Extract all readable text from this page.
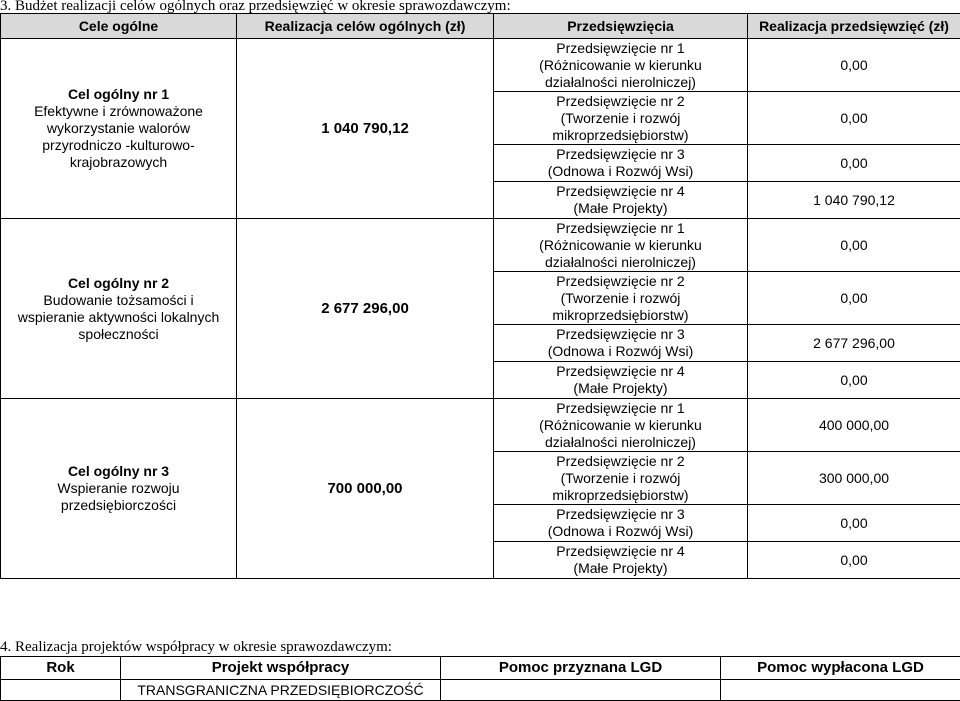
3. Budżet realizacji celów ogólnych oraz przedsięwzięć w okresie sprawozdawczym:
Cele ogólne	Realizacja celów ogólnych (zł)	Przedsięwzięcia	Realizacja przedsięwzięć (zł)

Cel ogólny nr 1
Efektywne i zrównoważone
wykorzystanie walorów
przyrodniczo -kulturowo-
krajobrazowych	1 040 790,12	Przedsięwzięcie nr 1
(Różnicowanie w kierunku
działalności nierolniczej)	0,00

		Przedsięwzięcie nr 2
(Tworzenie i rozwój
mikroprzedsiębiorstw)	0,00

		Przedsięwzięcie nr 3
(Odnowa i Rozwój Wsi)	0,00

		Przedsięwzięcie nr 4
(Małe Projekty)	1 040 790,12

Cel ogólny nr 2
Budowanie tożsamości i
wspieranie aktywności lokalnych
społeczności	2 677 296,00	Przedsięwzięcie nr 1
(Różnicowanie w kierunku
działalności nierolniczej)	0,00

		Przedsięwzięcie nr 2
(Tworzenie i rozwój
mikroprzedsiębiorstw)	0,00

		Przedsięwzięcie nr 3
(Odnowa i Rozwój Wsi)	2 677 296,00

		Przedsięwzięcie nr 4
(Małe Projekty)	0,00

Cel ogólny nr 3
Wspieranie rozwoju
przedsiębiorczości	700 000,00	Przedsięwzięcie nr 1
(Różnicowanie w kierunku
działalności nierolniczej)	400 000,00

		Przedsięwzięcie nr 2
(Tworzenie i rozwój
mikroprzedsiębiorstw)	300 000,00

		Przedsięwzięcie nr 3
(Odnowa i Rozwój Wsi)	0,00

		Przedsięwzięcie nr 4
(Małe Projekty)	0,00
4. Realizacja projektów współpracy w okresie sprawozdawczym:
Rok	Projekt współpracy	Pomoc przyznana LGD	Pomoc wypłacona LGD
	TRANSGRANICZNA PRZEDSIĘBIORCZOŚĆ		
